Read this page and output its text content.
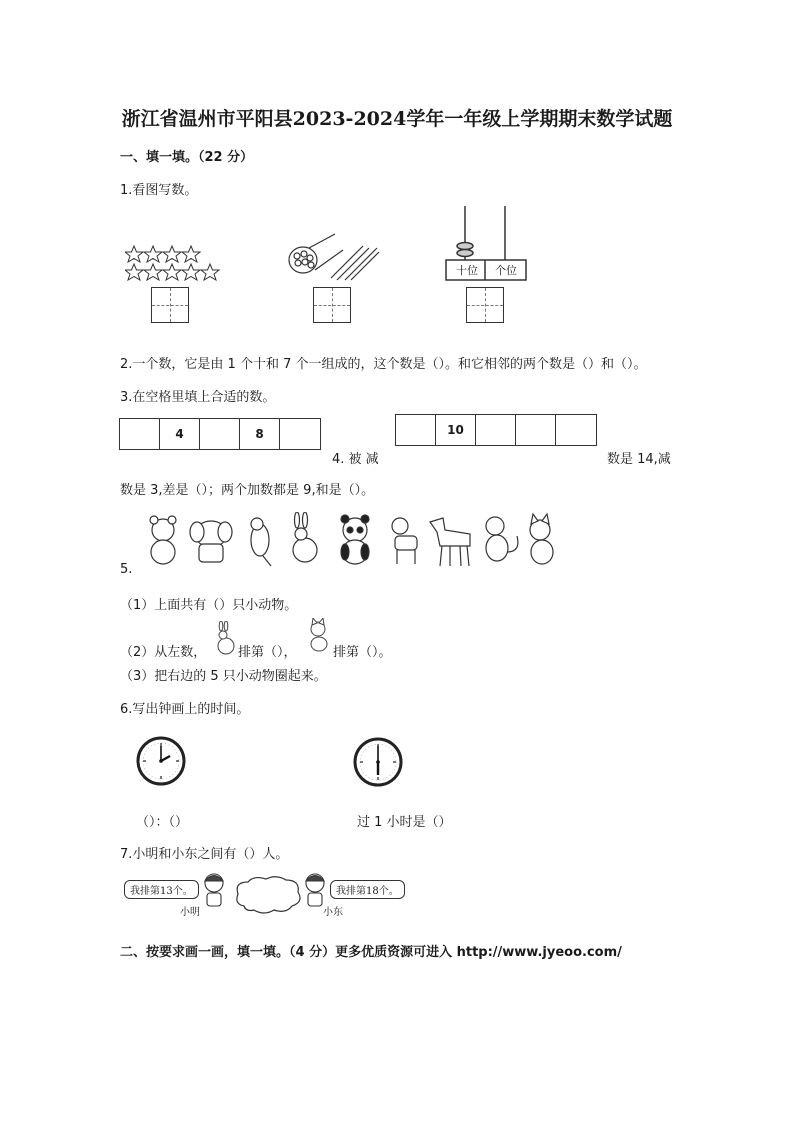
浙江省温州市平阳县2023-2024学年一年级上学期期末数学试题
一、填一填。（22 分）
1.看图写数。
十位	个位
2.一个数，它是由 1 个十和 7 个一组成的，这个数是（）。和它相邻的两个数是（）和（）。
3.在空格里填上合适的数。
4	8	10
4. 被 减	数是 14,减
数是 3,差是（）；两个加数都是 9,和是（）。
5.
（1）上面共有（）只小动物。
（2）从左数， 排第（），	排第（）。
（3）把右边的 5 只小动物圈起来。
6.写出钟画上的时间。
（）：（）	过 1 小时是（）
7.小明和小东之间有（）人。
我排第13个。	我排第18个。
小明	小东
二、按要求画一画，填一填。（4 分）更多优质资源可进入 http://www.jyeoo.com/
